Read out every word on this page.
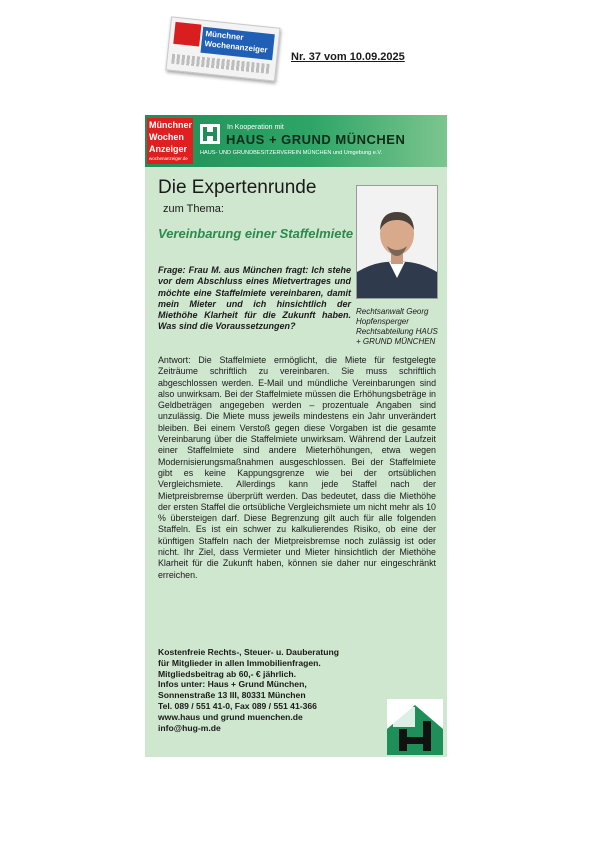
Münchner
Wochenanzeiger
Nr. 37 vom 10.09.2025
Münchner
Wochen
Anzeiger
wochenanzeiger.de
In Kooperation mit
HAUS + GRUND MÜNCHEN
HAUS- UND GRUNDBESITZERVEREIN MÜNCHEN und Umgebung e.V.
Die Expertenrunde
zum Thema:
Vereinbarung einer Staffelmiete
Frage: Frau M. aus München fragt: Ich stehe vor dem Abschluss eines Mietvertrages und möchte eine Staffelmiete vereinbaren, damit mein Mieter und ich hinsichtlich der Miethöhe Klarheit für die Zukunft haben. Was sind die Voraussetzungen?
Rechtsanwalt Georg Hopfensperger Rechtsabteilung HAUS + GRUND MÜNCHEN
Antwort: Die Staffelmiete ermöglicht, die Miete für festgelegte Zeiträume schriftlich zu vereinbaren. Sie muss schriftlich abgeschlossen werden. E-Mail und mündliche Vereinbarungen sind also unwirksam. Bei der Staffelmiete müssen die Erhöhungsbeträge in Geldbeträgen angegeben werden – prozentuale Angaben sind unzulässig. Die Miete muss jeweils mindestens ein Jahr unverändert bleiben. Bei einem Verstoß gegen diese Vorgaben ist die gesamte Vereinbarung über die Staffelmiete unwirksam. Während der Laufzeit einer Staffelmiete sind andere Mieterhöhungen, etwa wegen Modernisierungsmaßnahmen ausgeschlossen. Bei der Staffelmiete gibt es keine Kappungsgrenze wie bei der ortsüblichen Vergleichsmiete. Allerdings kann jede Staffel nach der Mietpreisbremse überprüft werden. Das bedeutet, dass die Miethöhe der ersten Staffel die ortsübliche Vergleichsmiete um nicht mehr als 10 % übersteigen darf. Diese Begrenzung gilt auch für alle folgenden Staffeln. Es ist ein schwer zu kalkulierendes Risiko, ob eine der künftigen Staffeln nach der Mietpreisbremse noch zulässig ist oder nicht. Ihr Ziel, dass Vermieter und Mieter hinsichtlich der Miethöhe Klarheit für die Zukunft haben, können sie daher nur eingeschränkt erreichen.
Kostenfreie Rechts-, Steuer- u. Dauberatung
für Mitglieder in allen Immobilienfragen.
Mitgliedsbeitrag ab 60,- € jährlich.
Infos unter: Haus + Grund München,
Sonnenstraße 13 III, 80331 München
Tel. 089 / 551 41-0, Fax 089 / 551 41-366
www.haus und grund muenchen.de
info@hug-m.de
